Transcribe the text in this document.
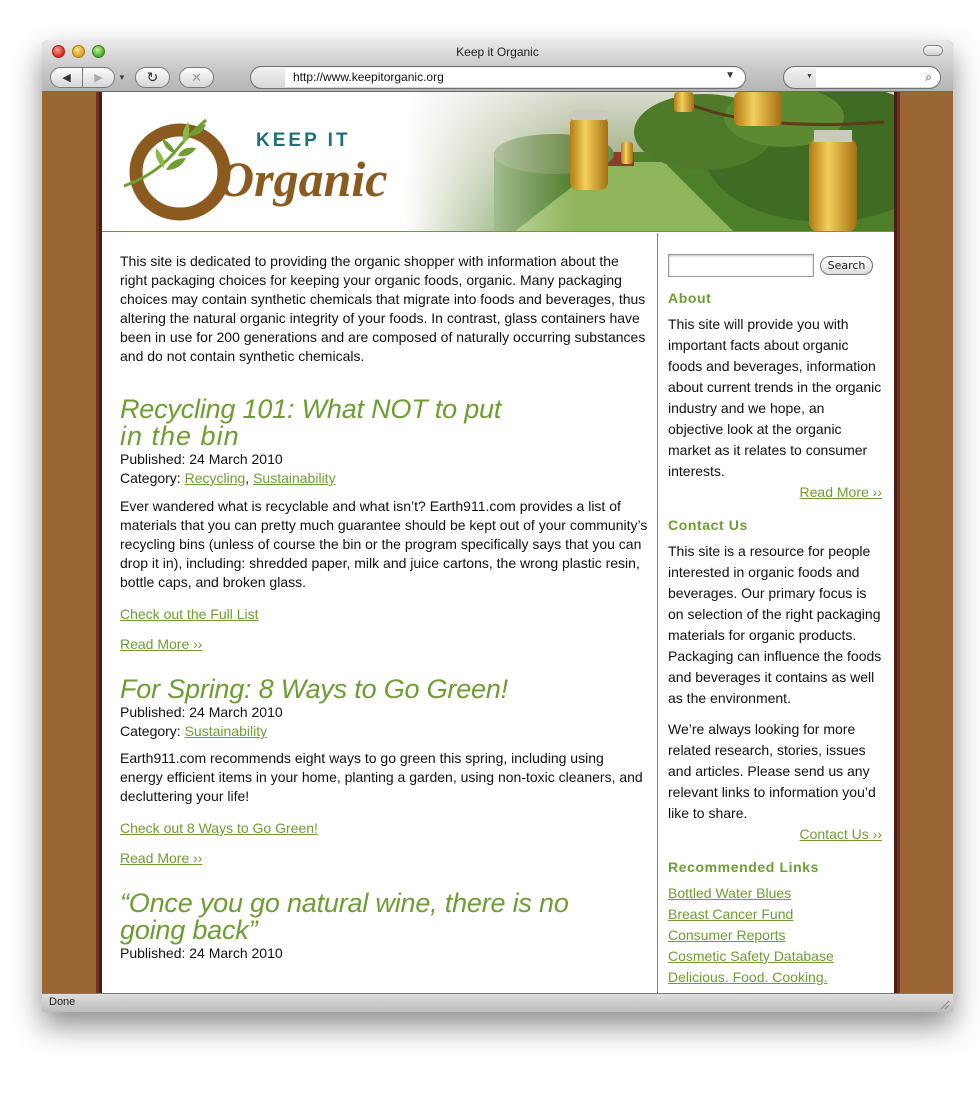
Keep it Organic
◀ ▶ ▼ ↻	✕	http://www.keepitorganic.org	▼	▼	⌕
KEEP IT
Organic

This site is dedicated to providing the organic shopper with information about the right packaging choices for keeping your organic foods, organic. Many packaging choices may contain synthetic chemicals that migrate into foods and beverages, thus altering the natural organic integrity of your foods. In contrast, glass containers have been in use for 200 generations and are composed of naturally occurring substances and do not contain synthetic chemicals.

Recycling 101: What NOT to put
in the bin
Published: 24 March 2010
Category: Recycling, Sustainability

Ever wandered what is recyclable and what isn’t? Earth911.com provides a list of materials that you can pretty much guarantee should be kept out of your community’s recycling bins (unless of course the bin or the program specifically says that you can drop it in), including: shredded paper, milk and juice cartons, the wrong plastic resin, bottle caps, and broken glass.

Check out the Full List
Read More ››
For Spring: 8 Ways to Go Green!
Published: 24 March 2010
Category: Sustainability

Earth911.com recommends eight ways to go green this spring, including using energy efficient items in your home, planting a garden, using non-toxic cleaners, and decluttering your life!

Check out 8 Ways to Go Green!
Read More ››
“Once you go natural wine, there is no
going back”
Published: 24 March 2010
Search
About

This site will provide you with important facts about organic foods and beverages, information about current trends in the organic industry and we hope, an objective look at the organic market as it relates to consumer interests.

Read More ››
Contact Us

This site is a resource for people interested in organic foods and beverages. Our primary focus is on selection of the right packaging materials for organic products. Packaging can influence the foods and beverages it contains as well as the environment.

We’re always looking for more related research, stories, issues and articles. Please send us any relevant links to information you’d like to share.

Contact Us ››
Recommended Links
Bottled Water Blues
Breast Cancer Fund
Consumer Reports
Cosmetic Safety Database
Delicious. Food. Cooking.
Done
